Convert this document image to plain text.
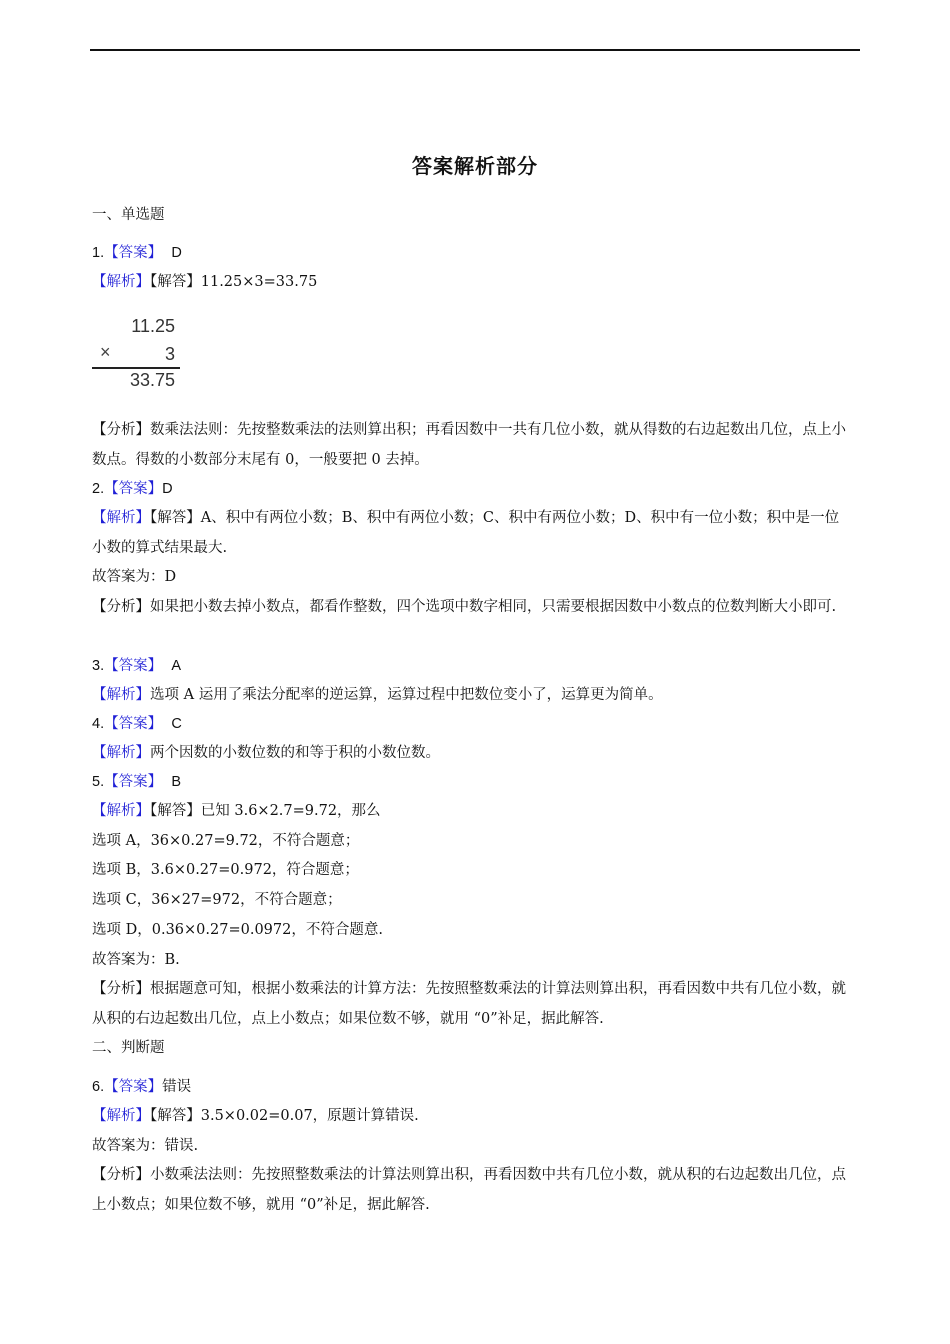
答案解析部分
一、单选题
1.【答案】 D
【解析】【解答】11.25×3=33.75
【分析】数乘法法则：先按整数乘法的法则算出积；再看因数中一共有几位小数，就从得数的右边起数出几位，点上小数点。得数的小数部分末尾有 0，一般要把 0 去掉。
2.【答案】D
【解析】【解答】A、积中有两位小数；B、积中有两位小数；C、积中有两位小数；D、积中有一位小数；积中是一位小数的算式结果最大.
故答案为：D
【分析】如果把小数去掉小数点，都看作整数，四个选项中数字相同，只需要根据因数中小数点的位数判断大小即可.
3.【答案】 A
【解析】选项 A 运用了乘法分配率的逆运算，运算过程中把数位变小了，运算更为简单。
4.【答案】 C
【解析】两个因数的小数位数的和等于积的小数位数。
5.【答案】 B
【解析】【解答】已知 3.6×2.7=9.72，那么
选项 A，36×0.27=9.72，不符合题意；
选项 B，3.6×0.27=0.972，符合题意；
选项 C，36×27=972，不符合题意；
选项 D，0.36×0.27=0.0972，不符合题意.
故答案为：B.
【分析】根据题意可知，根据小数乘法的计算方法：先按照整数乘法的计算法则算出积，再看因数中共有几位小数，就从积的右边起数出几位，点上小数点；如果位数不够，就用 “0”补足，据此解答.
二、判断题
6.【答案】错误
【解析】【解答】3.5×0.02=0.07，原题计算错误.
故答案为：错误.
【分析】小数乘法法则：先按照整数乘法的计算法则算出积，再看因数中共有几位小数，就从积的右边起数出几位，点上小数点；如果位数不够，就用 “0”补足，据此解答.
11.25
×	3
33.75
